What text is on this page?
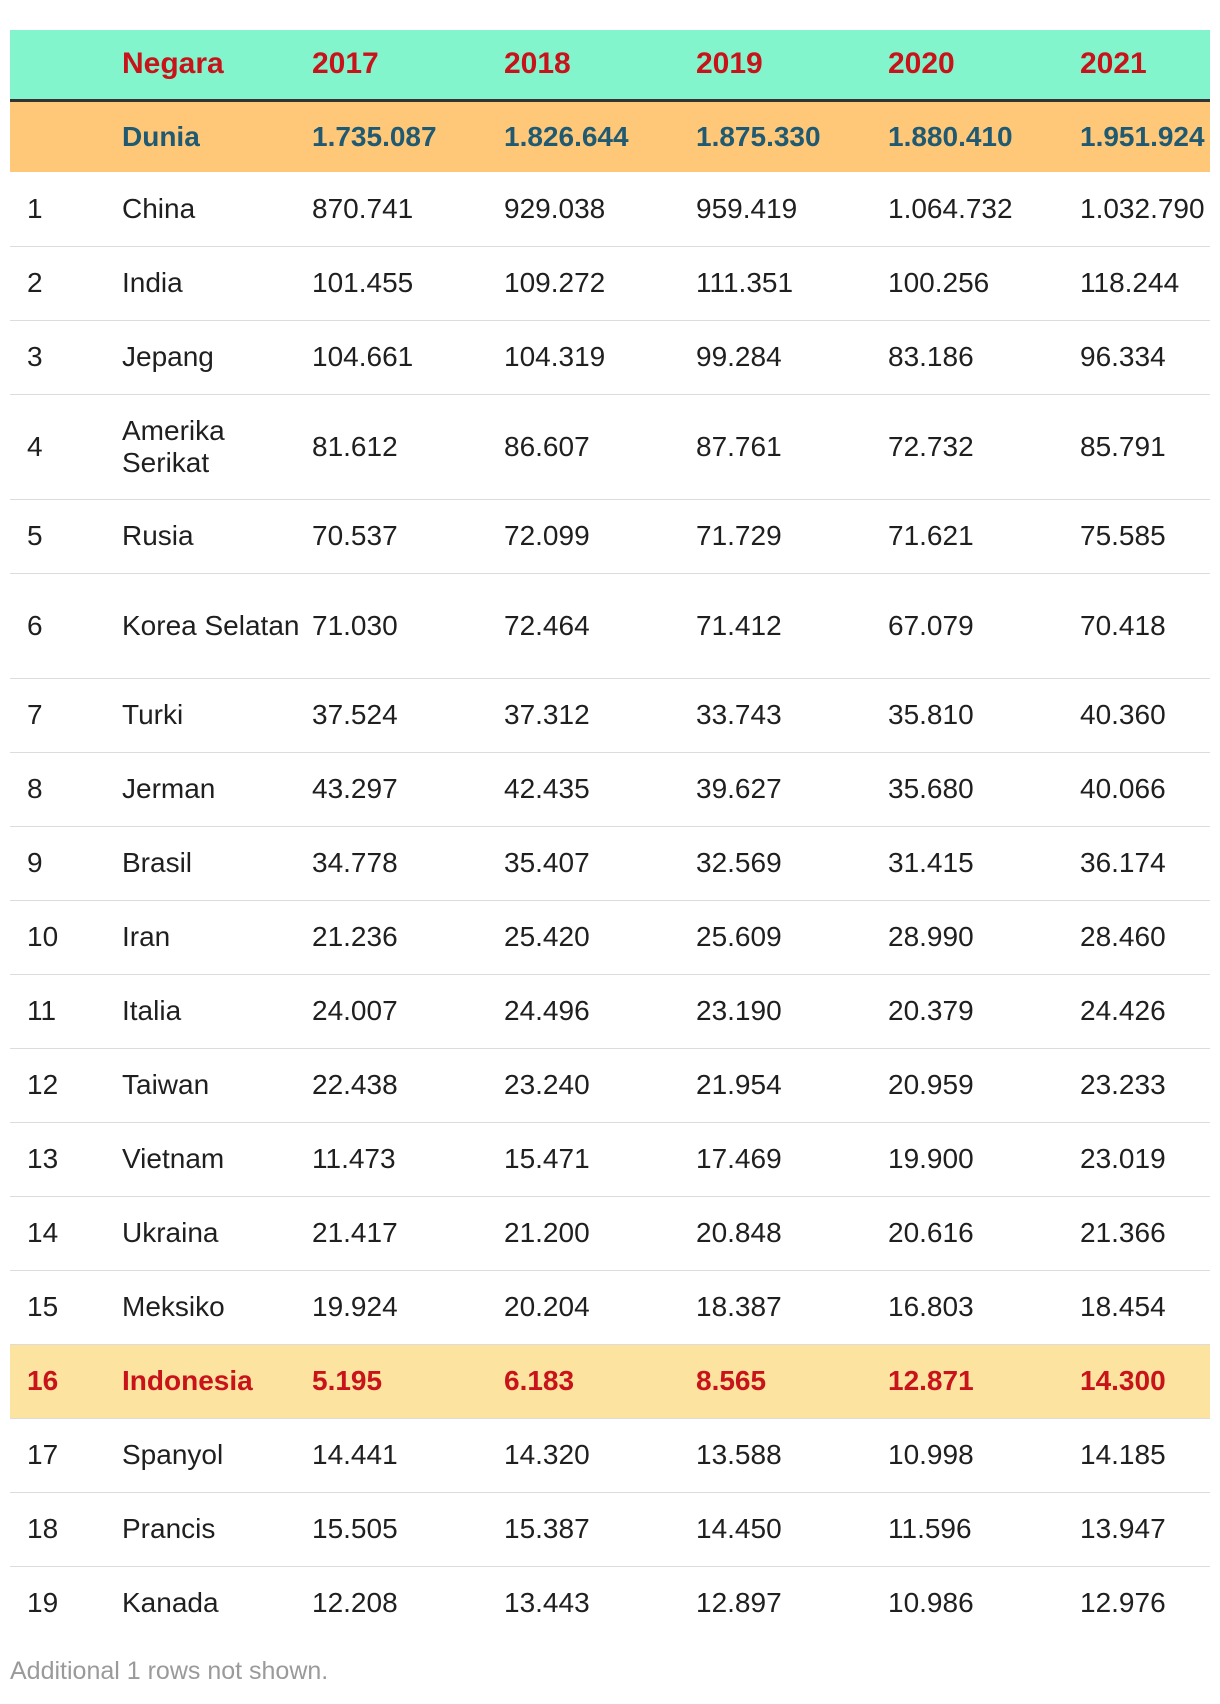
	Negara	2017	2018	2019	2020	2021
	Dunia	1.735.087	1.826.644	1.875.330	1.880.410	1.951.924
1	China	870.741	929.038	959.419	1.064.732	1.032.790
2	India	101.455	109.272	111.351	100.256	118.244
3	Jepang	104.661	104.319	99.284	83.186	96.334
4	Amerika Serikat	81.612	86.607	87.761	72.732	85.791
5	Rusia	70.537	72.099	71.729	71.621	75.585
6	Korea Selatan	71.030	72.464	71.412	67.079	70.418
7	Turki	37.524	37.312	33.743	35.810	40.360
8	Jerman	43.297	42.435	39.627	35.680	40.066
9	Brasil	34.778	35.407	32.569	31.415	36.174
10	Iran	21.236	25.420	25.609	28.990	28.460
11	Italia	24.007	24.496	23.190	20.379	24.426
12	Taiwan	22.438	23.240	21.954	20.959	23.233
13	Vietnam	11.473	15.471	17.469	19.900	23.019
14	Ukraina	21.417	21.200	20.848	20.616	21.366
15	Meksiko	19.924	20.204	18.387	16.803	18.454
16	Indonesia	5.195	6.183	8.565	12.871	14.300
17	Spanyol	14.441	14.320	13.588	10.998	14.185
18	Prancis	15.505	15.387	14.450	11.596	13.947
19	Kanada	12.208	13.443	12.897	10.986	12.976
Additional 1 rows not shown.
